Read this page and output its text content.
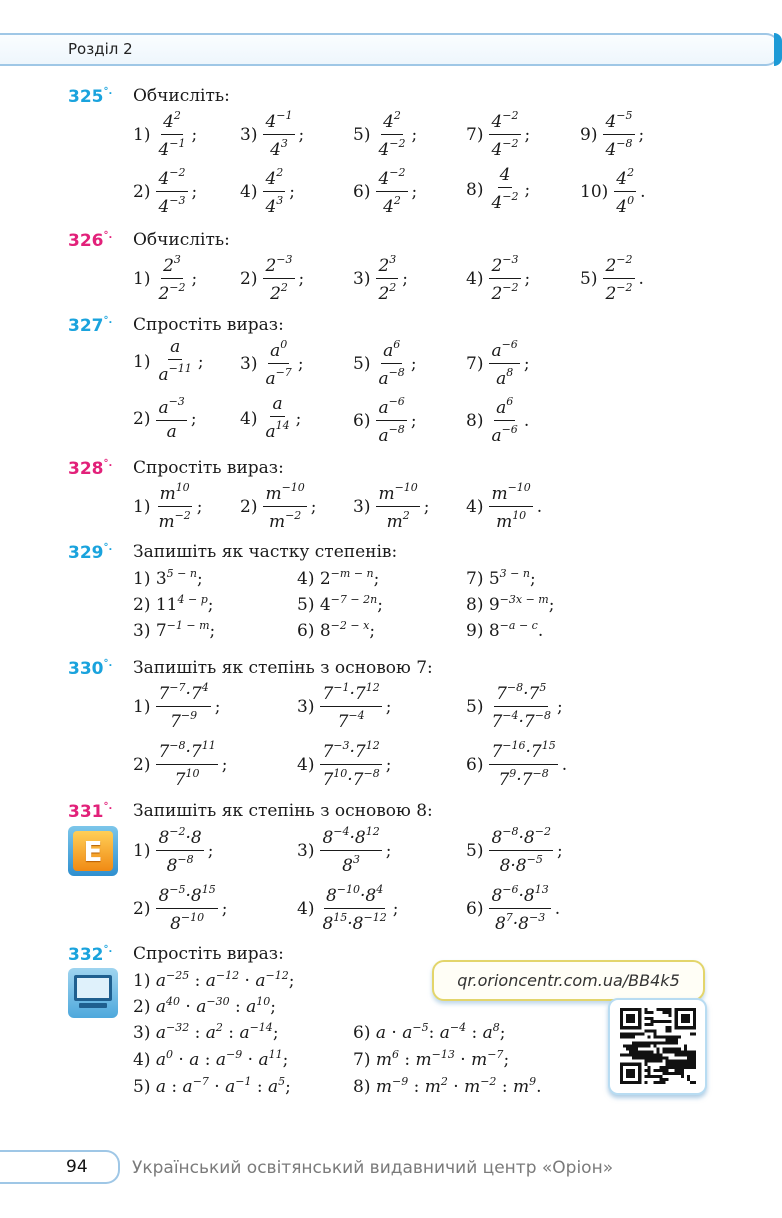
Розділ 2
325°. Обчисліть:
326°. Обчисліть:
327°. Спростіть вираз:
328°. Спростіть вираз:
329°. Запишіть як частку степенів:
330°. Запишіть як степінь з основою 7:
331°. Запишіть як степінь з основою 8:
332°. Спростіть вираз:
$1) \frac{4^2}{4^{-1}}$ ;	$3) \frac{4^{-1}}{4^3}$ ;	$5) \frac{4^2}{4^{-2}}$ ;	$7) \frac{4^{-2}}{4^{-2}}$ ;	$9) \frac{4^{-5}}{4^{-8}}$ ;
$2) \frac{4^{-2}}{4^{-3}}$ ;	$4) \frac{4^2}{4^3}$ ;	$6) \frac{4^{-2}}{4^2}$ ;	$8) \frac{4}{4^{-2}}$ ;	$10) \frac{4^2}{4^0}$ .
$1) \frac{2^3}{2^{-2}}$ ;	$2) \frac{2^{-3}}{2^2}$ ;	$3) \frac{2^3}{2^2}$ ;	$4) \frac{2^{-3}}{2^{-2}}$ ;	$5) \frac{2^{-2}}{2^{-2}}$ .
$1) \frac{a}{a^{-11}}$ ; $3) \frac{a^0}{a^{-7}}$ ;	$5) \frac{a^6}{a^{-8}}$ ;	$7) \frac{a^{-6}}{a^8}$ ;
$2) \frac{a^{-3}}{a}$ ;	$4) \frac{a}{a^{14}}$ ;	$6) \frac{a^{-6}}{a^{-8}}$ ;	$8) \frac{a^6}{a^{-6}}$ .
$1) \frac{m^{10}}{m^{-2}}$ ; $2) \frac{m^{-10}}{m^{-2}}$ ; $3) \frac{m^{-10}}{m^2}$ ; $4) \frac{m^{-10}}{m^{10}}$ .
$1) \frac{7^{-7}\cdot 7^4}{7^{-9}}$ ;	$3) \frac{7^{-1}\cdot 7^{12}}{7^{-4}}$ ;	$5) \frac{7^{-8}\cdot 7^5}{7^{-4}\cdot 7^{-8}}$ ;
$2) \frac{7^{-8}\cdot 7^{11}}{7^{10}}$ ;	$4) \frac{7^{-3}\cdot 7^{12}}{7^{10}\cdot 7^{-8}}$ ;	$6) \frac{7^{-16}\cdot 7^{15}}{7^9\cdot 7^{-8}}$ .
$1) \frac{8^{-2}\cdot 8}{8^{-8}}$ ;	$3) \frac{8^{-4}\cdot 8^{12}}{8^3}$ ;	$5) \frac{8^{-8}\cdot 8^{-2}}{8\cdot 8^{-5}}$ ;
$2) \frac{8^{-5}\cdot 8^{15}}{8^{-10}}$ ;	$4) \frac{8^{-10}\cdot 8^4}{8^{15}\cdot 8^{-12}}$ ;	$6) \frac{8^{-6}\cdot 8^{13}}{8^7\cdot 8^{-3}}$ .
1) $3^{5 - n}$;	4) $2^{-m - n}$;	7) $5^{3 - n}$;
2) $11^{4 - p}$;	5) $4^{-7 - 2n}$;	8) $9^{-3x - m}$;
3) $7^{-1 - m}$;	6) $8^{-2 - x}$;	9) $8^{-a - c}$.
1) $a^{-25}$ : $a^{-12} \cdot a^{-12}$;
2) $a^{40} \cdot a^{-30}$ : $a^{10}$;
3) $a^{-32}$ : $a^2$ : $a^{-14}$;	6) $a \cdot a^{-5}$: $a^{-4}$ : $a^8$;
4) $a^0 \cdot a$ : $a^{-9} \cdot a^{11}$;	7) $m^6$ : $m^{-13} \cdot m^{-7}$;
5) a : $a^{-7} \cdot a^{-1}$ : $a^5$;	8) $m^{-9}$ : $m^2 \cdot m^{-2}$ : $m^9$.
E
qr.orioncentr.com.ua/BB4k5
94	Український освітянський видавничий центр «Оріон»
